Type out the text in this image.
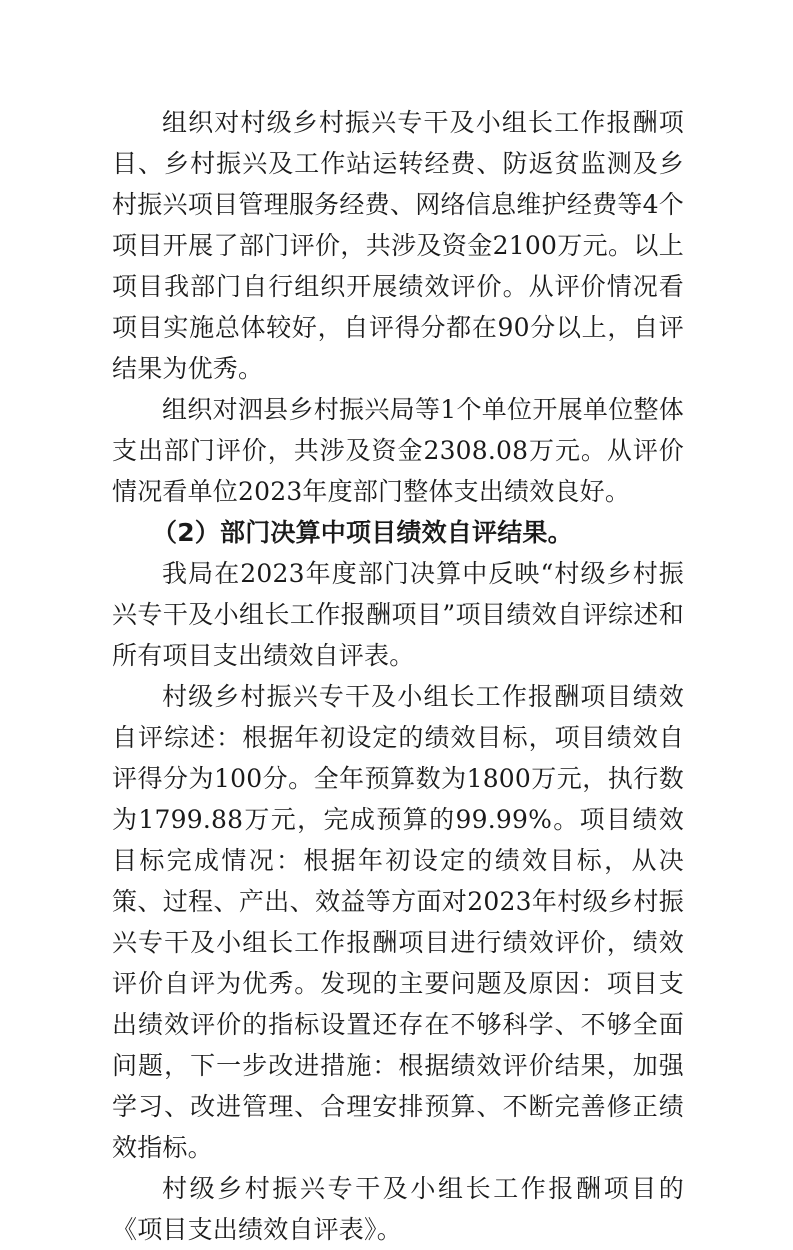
组织对村级乡村振兴专干及小组长工作报酬项目、乡村振兴及工作站运转经费、防返贫监测及乡村振兴项目管理服务经费、网络信息维护经费等4个项目开展了部门评价，共涉及资金2100万元。以上项目我部门自行组织开展绩效评价。从评价情况看项目实施总体较好，自评得分都在90分以上，自评结果为优秀。

组织对泗县乡村振兴局等1个单位开展单位整体支出部门评价，共涉及资金2308.08万元。从评价情况看单位2023年度部门整体支出绩效良好。

（2）部门决算中项目绩效自评结果。

我局在2023年度部门决算中反映“村级乡村振兴专干及小组长工作报酬项目”项目绩效自评综述和所有项目支出绩效自评表。

村级乡村振兴专干及小组长工作报酬项目绩效自评综述：根据年初设定的绩效目标，项目绩效自评得分为100分。全年预算数为1800万元，执行数为1799.88万元，完成预算的99.99%。项目绩效目标完成情况：根据年初设定的绩效目标，从决策、过程、产出、效益等方面对2023年村级乡村振兴专干及小组长工作报酬项目进行绩效评价，绩效评价自评为优秀。发现的主要问题及原因：项目支出绩效评价的指标设置还存在不够科学、不够全面问题，下一步改进措施：根据绩效评价结果，加强学习、改进管理、合理安排预算、不断完善修正绩效指标。

村级乡村振兴专干及小组长工作报酬项目的《项目支出绩效自评表》。
